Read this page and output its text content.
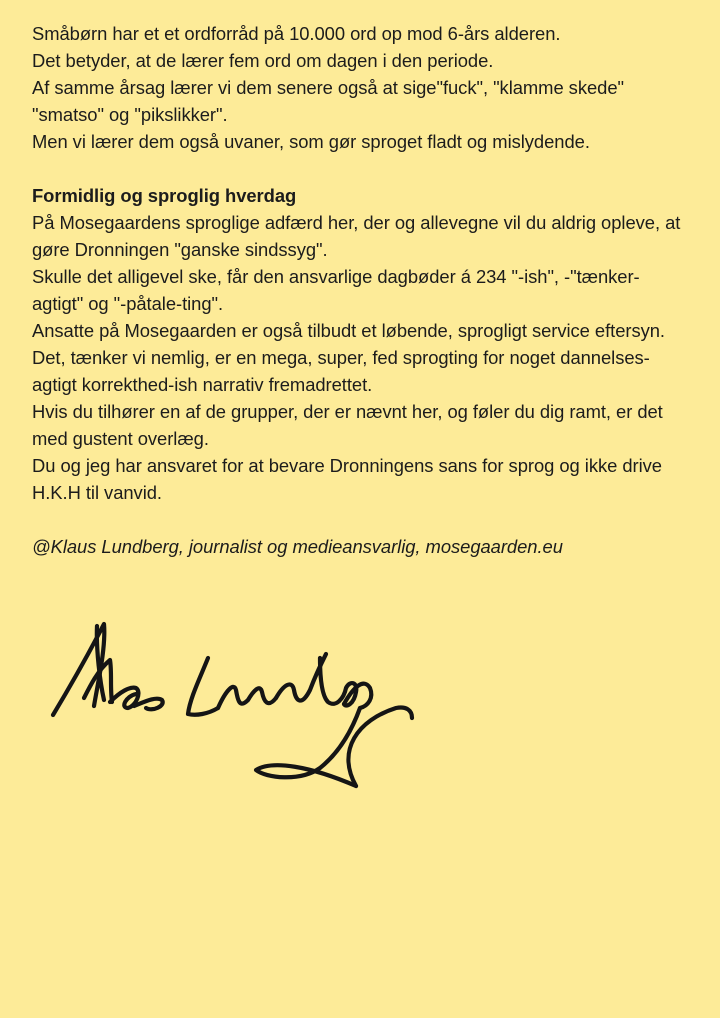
Småbørn har et et ordforråd på 10.000 ord op mod 6-års alderen.

Det betyder, at de lærer fem ord om dagen i den periode.

Af samme årsag lærer vi dem senere også at sige"fuck", "klamme skede" "smatso" og "pikslikker".

Men vi lærer dem også uvaner, som gør sproget fladt og mislydende.

Formidlig og sproglig hverdag

På Mosegaardens sproglige adfærd her, der og allevegne vil du aldrig opleve, at gøre Dronningen "ganske sindssyg".

Skulle det alligevel ske, får den ansvarlige dagbøder á 234 "-ish", -"tænker-agtigt" og "-påtale-ting".

Ansatte på Mosegaarden er også tilbudt et løbende, sprogligt service eftersyn.

Det, tænker vi nemlig, er en mega, super, fed sprogting for noget dannelses-agtigt korrekthed-ish narrativ fremadrettet.

Hvis du tilhører en af de grupper, der er nævnt her, og føler du dig ramt, er det med gustent overlæg.

Du og jeg har ansvaret for at bevare Dronningens sans for sprog og ikke drive H.K.H til vanvid.

@Klaus Lundberg, journalist og medieansvarlig, mosegaarden.eu
